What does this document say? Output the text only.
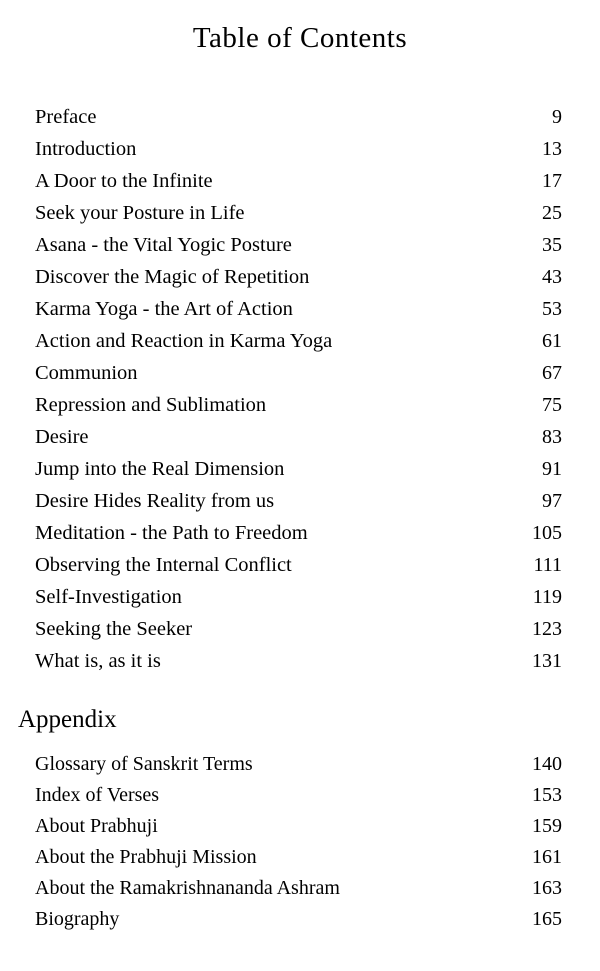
Table of Contents
Preface	9
Introduction	13
A Door to the Infinite	17
Seek your Posture in Life	25
Asana - the Vital Yogic Posture	35
Discover the Magic of Repetition	43
Karma Yoga - the Art of Action	53
Action and Reaction in Karma Yoga	61
Communion	67
Repression and Sublimation	75
Desire	83
Jump into the Real Dimension	91
Desire Hides Reality from us	97
Meditation - the Path to Freedom	105
Observing the Internal Conflict	111
Self-Investigation	119
Seeking the Seeker	123
What is, as it is	131
Appendix
Glossary of Sanskrit Terms	140
Index of Verses	153
About Prabhuji	159
About the Prabhuji Mission	161
About the Ramakrishnananda Ashram	163
Biography	165
